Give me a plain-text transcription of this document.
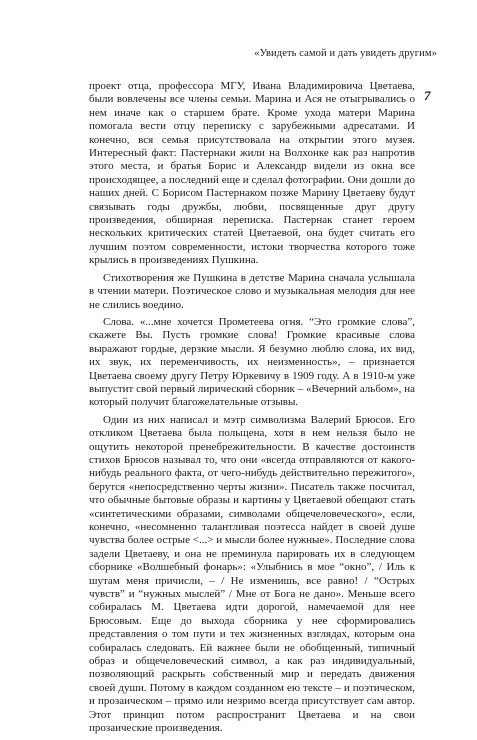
«Увидеть самой и дать увидеть другим»
7

проект отца, профессора МГУ, Ивана Владимировича Цветаева, были вовлечены все члены семьи. Марина и Ася не отыгрывались о нем иначе как о старшем брате. Кроме ухода матери Марина помогала вести отцу переписку с зарубежными адресатами. И конечно, вся семья присутствовала на открытии этого музея. Интересный факт: Пастернаки жили на Волхонке как раз напротив этого места, и братья Борис и Александр видели из окна все происходящее, а последний еще и сделал фотографии. Они дошли до наших дней. С Борисом Пастернаком позже Марину Цветаеву будут связывать годы дружбы, любви, посвященные друг другу произведения, обширная переписка. Пастернак станет героем нескольких критических статей Цветаевой, она будет считать его лучшим поэтом современности, истоки творчества которого тоже крылись в произведениях Пушкина.

Стихотворения же Пушкина в детстве Марина сначала услышала в чтении матери. Поэтическое слово и музыкальная мелодия для нее не слились воедино.

Слова. «...мне хочется Прометеева огня. “Это громкие слова”, скажете Вы. Пусть громкие слова! Громкие красивые слова выражают гордые, дерзкие мысли. Я безумно люблю слова, их вид, их звук, их переменчивость, их неизменность», – признается Цветаева своему другу Петру Юркевичу в 1909 году. А в 1910-м уже выпустит свой первый лирический сборник – «Вечерний альбом», на который получит благожелательные отзывы.

Один из них написал и мэтр символизма Валерий Брюсов. Его откликом Цветаева была польщена, хотя в нем нельзя было не ощутить некоторой пренебрежительности. В качестве достоинств стихов Брюсов называл то, что они «всегда отправляются от какого-нибудь реального факта, от чего-нибудь действительно пережитого», берутся «непосредственно черты жизни». Писатель также посчитал, что обычные бытовые образы и картины у Цветаевой обещают стать «синтетическими образами, символами общечеловеческого», если, конечно, «несомненно талантливая поэтесса найдет в своей душе чувства более острые <...> и мысли более нужные». Последние слова задели Цветаеву, и она не преминула парировать их в следующем сборнике «Волшебный фонарь»: «Улыбнись в мое “окно”, / Иль к шутам меня причисли, – / Не изменишь, все равно! / “Острых чувств” и “нужных мыслей” / Мне от Бога не дано». Меньше всего собиралась М. Цветаева идти дорогой, намечаемой для нее Брюсовым. Еще до выхода сборника у нее сформировались представления о том пути и тех жизненных взглядах, которым она собиралась следовать. Ей важнее были не обобщенный, типичный образ и общечеловеческий символ, а как раз индивидуальный, позволяющий раскрыть собственный мир и передать движения своей души. Потому в каждом созданном ею тексте – и поэтическом, и прозаическом – прямо или незримо всегда присутствует сам автор. Этот принцип потом распространит Цветаева и на свои прозаические произведения.
